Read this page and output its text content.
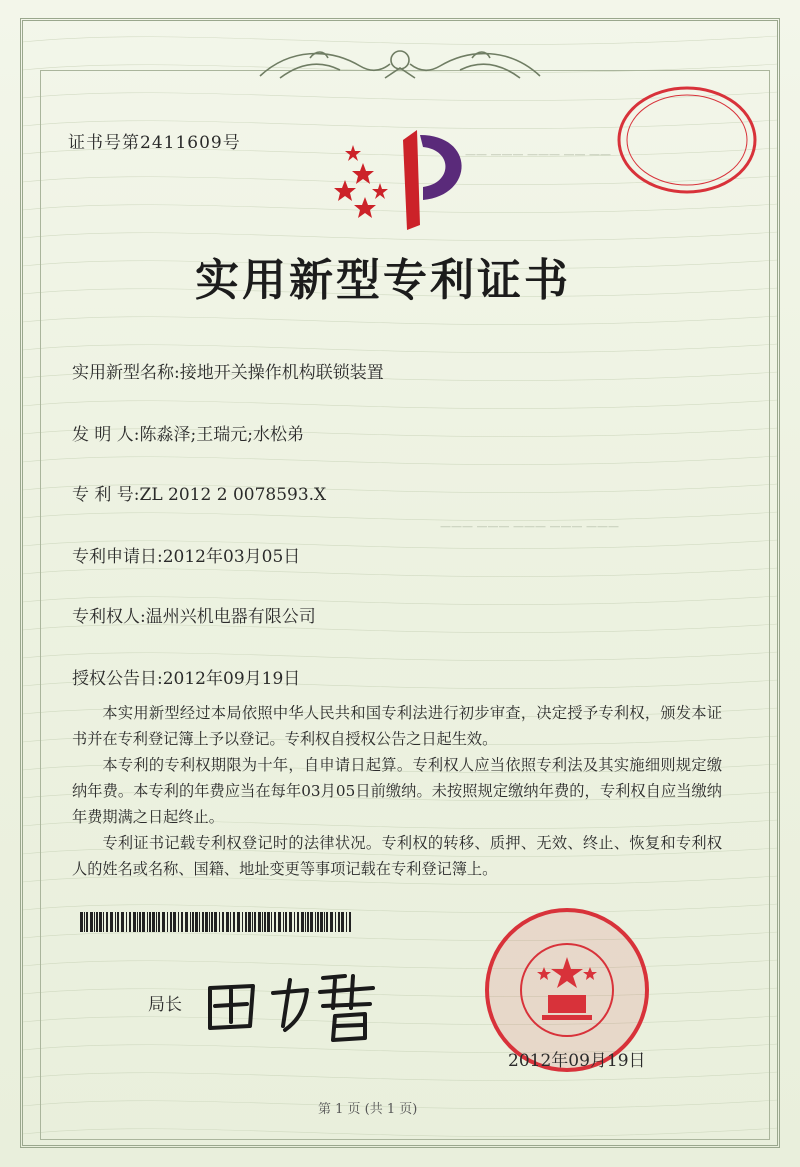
证书号第2411609号
—— ——— ——— —— ——
——— ——— ——— ——— ———
实用新型专利证书
实用新型名称:接地开关操作机构联锁装置
发 明 人:陈淼泽;王瑞元;水松弟
专 利 号:ZL 2012 2 0078593.X
专利申请日:2012年03月05日
专利权人:温州兴机电器有限公司
授权公告日:2012年09月19日

本实用新型经过本局依照中华人民共和国专利法进行初步审查，决定授予专利权，颁发本证书并在专利登记簿上予以登记。专利权自授权公告之日起生效。

本专利的专利权期限为十年，自申请日起算。专利权人应当依照专利法及其实施细则规定缴纳年费。本专利的年费应当在每年03月05日前缴纳。未按照规定缴纳年费的，专利权自应当缴纳年费期满之日起终止。

专利证书记载专利权登记时的法律状况。专利权的转移、质押、无效、终止、恢复和专利权人的姓名或名称、国籍、地址变更等事项记载在专利登记簿上。

局长
2012年09月19日
第 1 页 (共 1 页)
